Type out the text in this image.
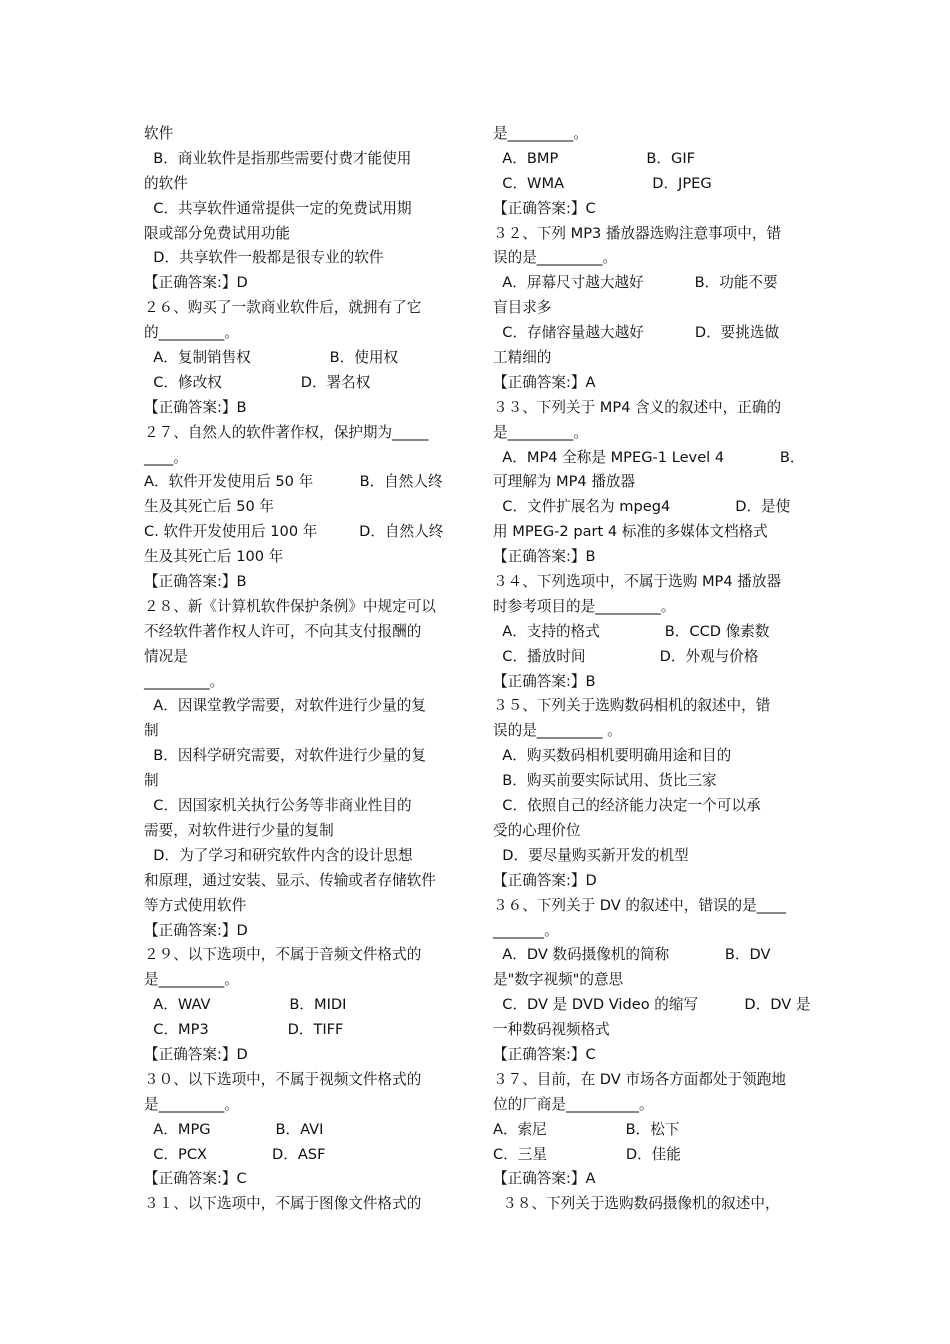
软件
B．商业软件是指那些需要付费才能使用
的软件
C．共享软件通常提供一定的免费试用期
限或部分免费试用功能
D．共享软件一般都是很专业的软件
【正确答案:】D
２６、购买了一款商业软件后，就拥有了它
的_________。
A．复制销售权                 B．使用权
C．修改权                 D．署名权
【正确答案:】B
２７、自然人的软件著作权，保护期为_____
____。
A．软件开发使用后 50 年          B．自然人终
生及其死亡后 50 年
C. 软件开发使用后 100 年         D．自然人终
生及其死亡后 100 年
【正确答案:】B
２８、新《计算机软件保护条例》中规定可以
不经软件著作权人许可，不向其支付报酬的
情况是
_________。
A．因课堂教学需要，对软件进行少量的复
制
B．因科学研究需要，对软件进行少量的复
制
C．因国家机关执行公务等非商业性目的
需要，对软件进行少量的复制
D．为了学习和研究软件内含的设计思想
和原理，通过安装、显示、传输或者存储软件
等方式使用软件
【正确答案:】D
２９、以下选项中，不属于音频文件格式的
是_________。
A．WAV                 B．MIDI
C．MP3                 D．TIFF
【正确答案:】D
３０、以下选项中，不属于视频文件格式的
是_________。
A．MPG              B．AVI
C．PCX              D．ASF
【正确答案:】C
３１、以下选项中，不属于图像文件格式的
是_________。
A．BMP                   B．GIF
C．WMA                   D．JPEG
【正确答案:】C
３２、下列 MP3 播放器选购注意事项中，错
误的是_________。
A．屏幕尺寸越大越好           B．功能不要
盲目求多
C．存储容量越大越好           D．要挑选做
工精细的
【正确答案:】A
３３、下列关于 MP4 含义的叙述中，正确的
是_________。
A．MP4 全称是 MPEG-1 Level 4            B．
可理解为 MP4 播放器
C．文件扩展名为 mpeg4              D．是使
用 MPEG-2 part 4 标准的多媒体文档格式
【正确答案:】B
３４、下列选项中，不属于选购 MP4 播放器
时参考项目的是_________。
A．支持的格式              B．CCD 像素数
C．播放时间                D．外观与价格
【正确答案:】B
３５、下列关于选购数码相机的叙述中，错
误的是_________ 。
A．购买数码相机要明确用途和目的
B．购买前要实际试用、货比三家
C．依照自己的经济能力决定一个可以承
受的心理价位
D．要尽量购买新开发的机型
【正确答案:】D
３６、下列关于 DV 的叙述中，错误的是____
_______。
A．DV 数码摄像机的简称            B．DV
是"数字视频"的意思
C．DV 是 DVD Video 的缩写          D．DV 是
一种数码视频格式
【正确答案:】C
３７、目前，在 DV 市场各方面都处于领跑地
位的厂商是__________。
A．索尼                 B．松下
C．三星                 D．佳能
【正确答案:】A
３８、下列关于选购数码摄像机的叙述中，
